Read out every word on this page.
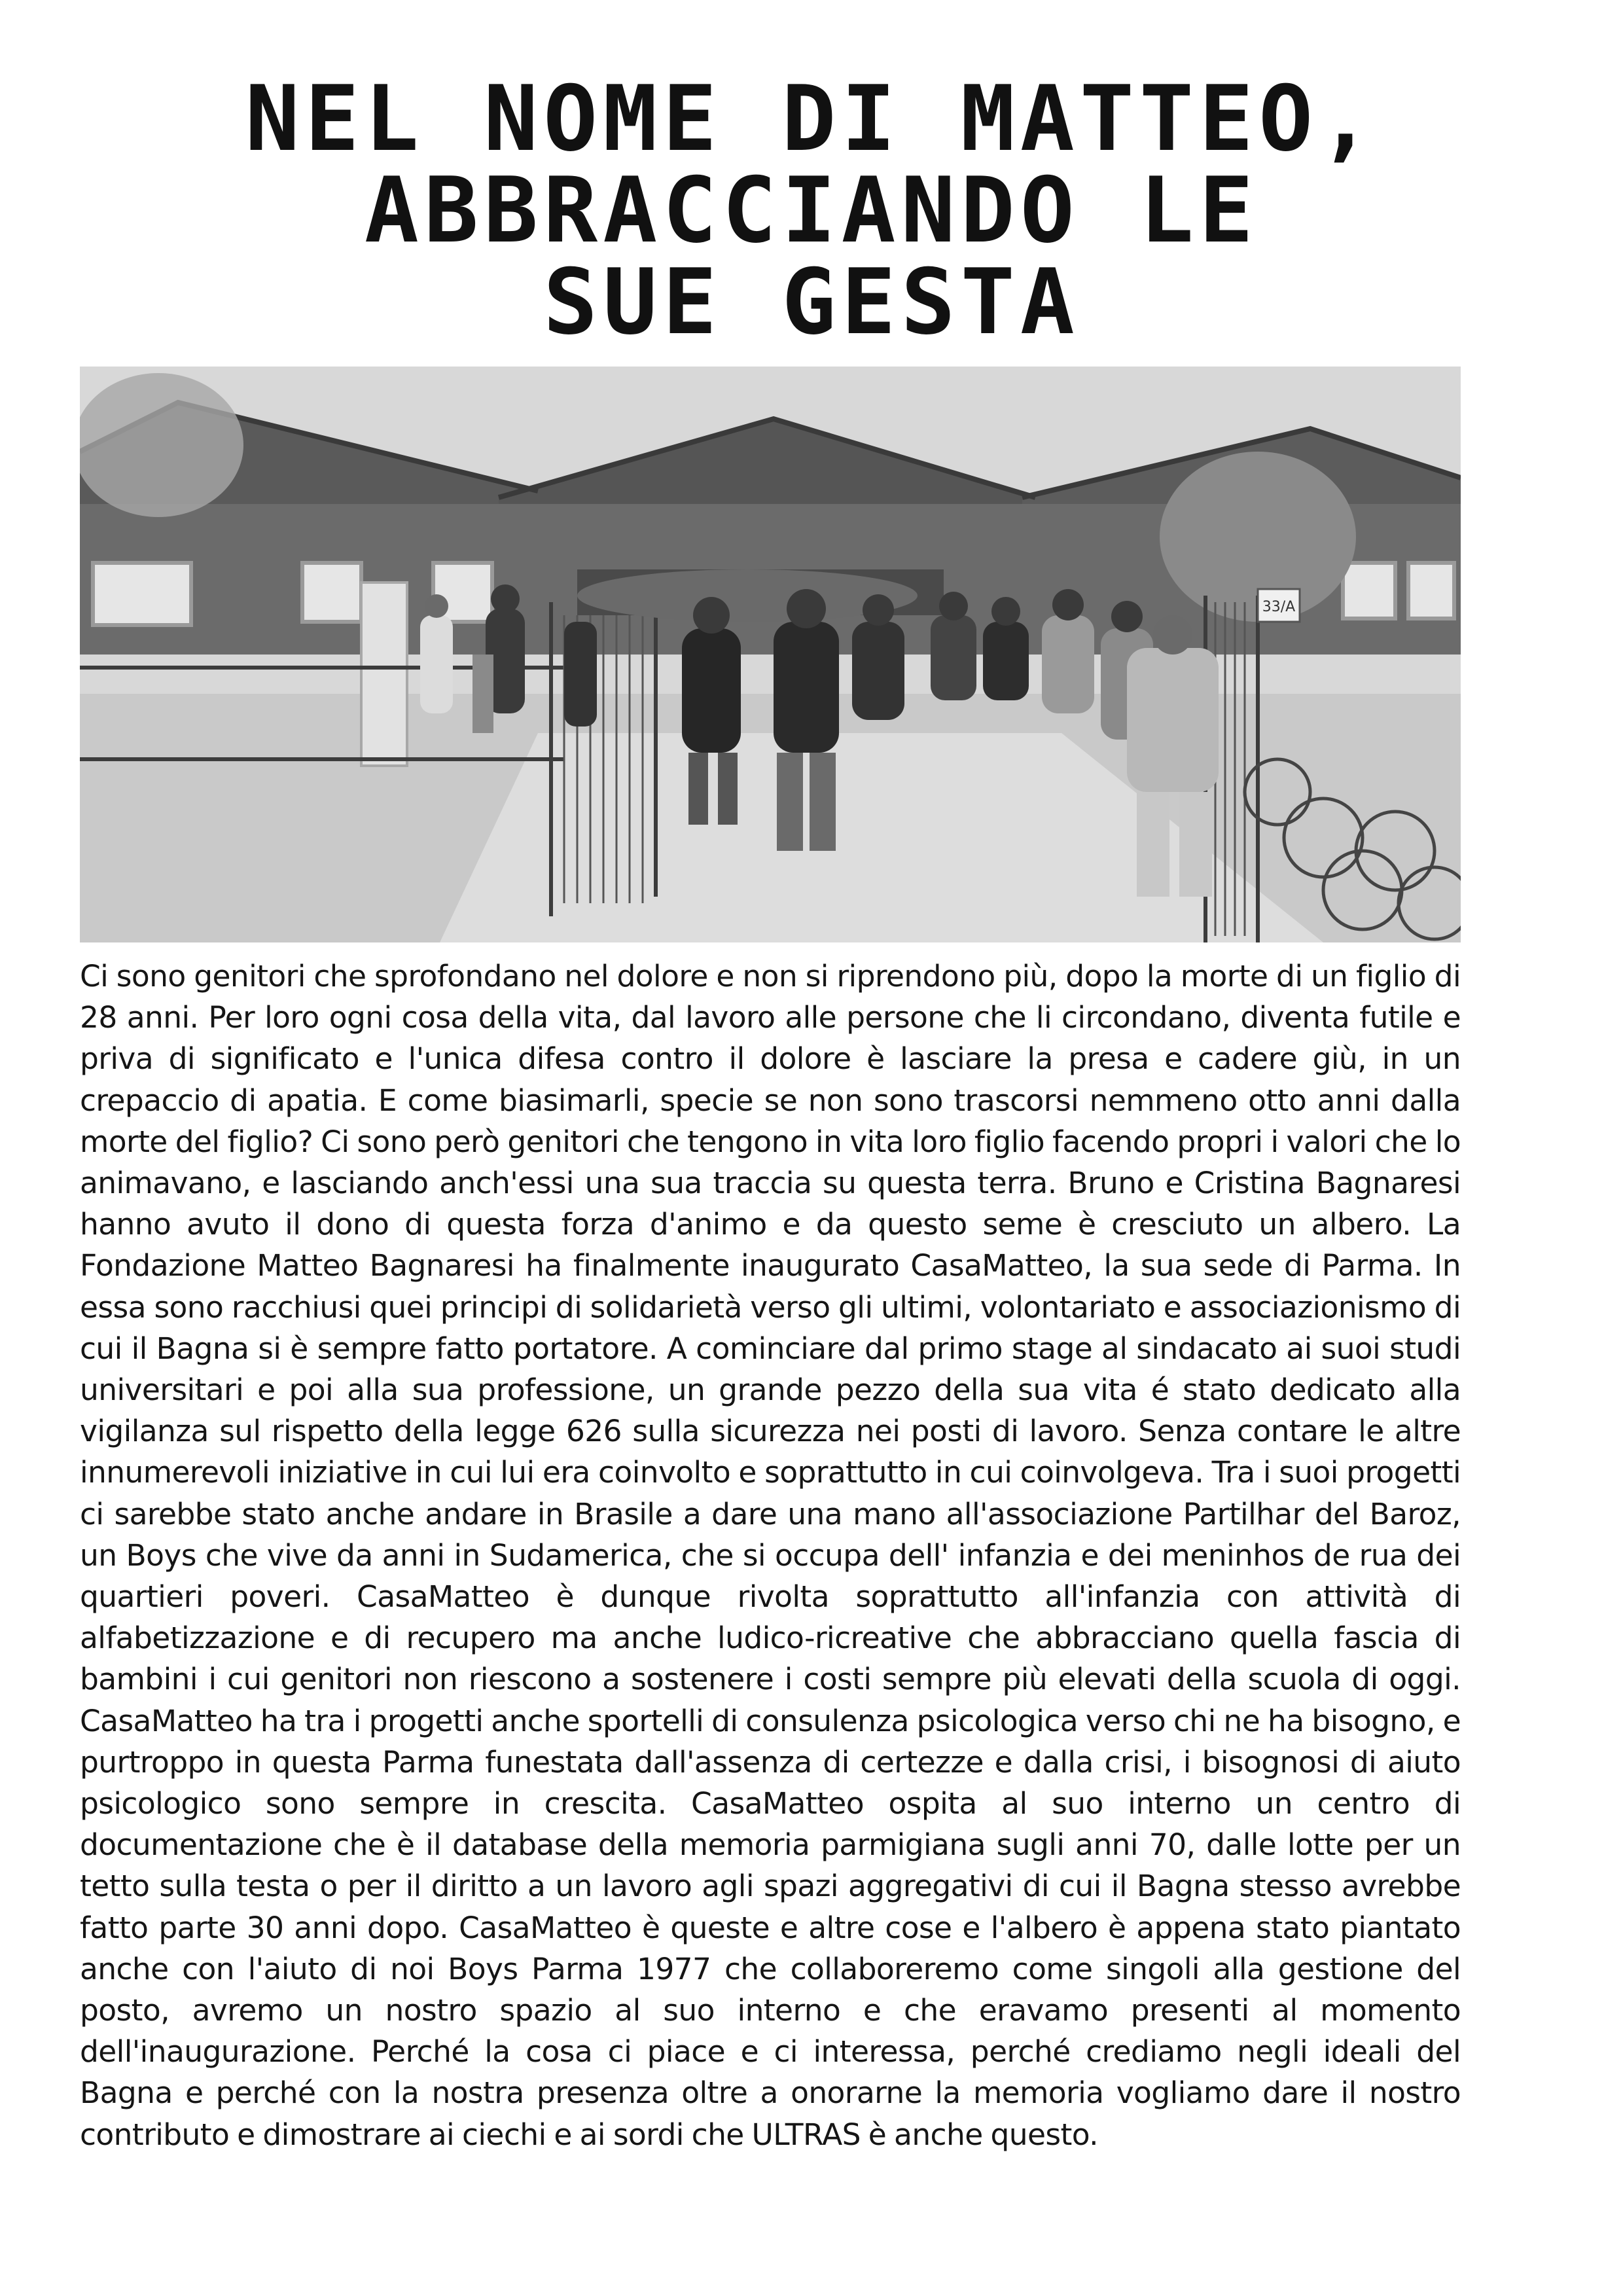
NEL NOME DI MATTEO,
ABBRACCIANDO LE
SUE GESTA
33/A

Ci sono genitori che sprofondano nel dolore e non si riprendono più, dopo la morte di un figlio di 28 anni. Per loro ogni cosa della vita, dal lavoro alle persone che li circondano, diventa futile e priva di significato e l'unica difesa contro il dolore è lasciare la presa e cadere giù, in un crepaccio di apatia. E come biasimarli, specie se non sono trascorsi nemmeno otto anni dalla morte del figlio? Ci sono però genitori che tengono in vita loro figlio facendo propri i valori che lo animavano, e lasciando anch'essi una sua traccia su questa terra. Bruno e Cristina Bagnaresi hanno avuto il dono di questa forza d'animo e da questo seme è cresciuto un albero. La Fondazione Matteo Bagnaresi ha finalmente inaugurato CasaMatteo, la sua sede di Parma. In essa sono racchiusi quei principi di solidarietà verso gli ultimi, volontariato e associazionismo di cui il Bagna si è sempre fatto portatore. A cominciare dal primo stage al sindacato ai suoi studi universitari e poi alla sua professione, un grande pezzo della sua vita é stato dedicato alla vigilanza sul rispetto della legge 626 sulla sicurezza nei posti di lavoro. Senza contare le altre innumerevoli iniziative in cui lui era coinvolto e soprattutto in cui coinvolgeva. Tra i suoi progetti ci sarebbe stato anche andare in Brasile a dare una mano all'associazione Partilhar del Baroz, un Boys che vive da anni in Sudamerica, che si occupa dell' infanzia e dei meninhos de rua dei quartieri poveri. CasaMatteo è dunque rivolta soprattutto all'infanzia con attività di alfabetizzazione e di recupero ma anche ludico-ricreative che abbracciano quella fascia di bambini i cui genitori non riescono a sostenere i costi sempre più elevati della scuola di oggi. CasaMatteo ha tra i progetti anche sportelli di consulenza psicologica verso chi ne ha bisogno, e purtroppo in questa Parma funestata dall'assenza di certezze e dalla crisi, i bisognosi di aiuto psicologico sono sempre in crescita. CasaMatteo ospita al suo interno un centro di documentazione che è il database della memoria parmigiana sugli anni 70, dalle lotte per un tetto sulla testa o per il diritto a un lavoro agli spazi aggregativi di cui il Bagna stesso avrebbe fatto parte 30 anni dopo. CasaMatteo è queste e altre cose e l'albero è appena stato piantato anche con l'aiuto di noi Boys Parma 1977 che collaboreremo come singoli alla gestione del posto, avremo un nostro spazio al suo interno e che eravamo presenti al momento dell'inaugurazione. Perché la cosa ci piace e ci interessa, perché crediamo negli ideali del Bagna e perché con la nostra presenza oltre a onorarne la memoria vogliamo dare il nostro contributo e dimostrare ai ciechi e ai sordi che ULTRAS è anche questo.
